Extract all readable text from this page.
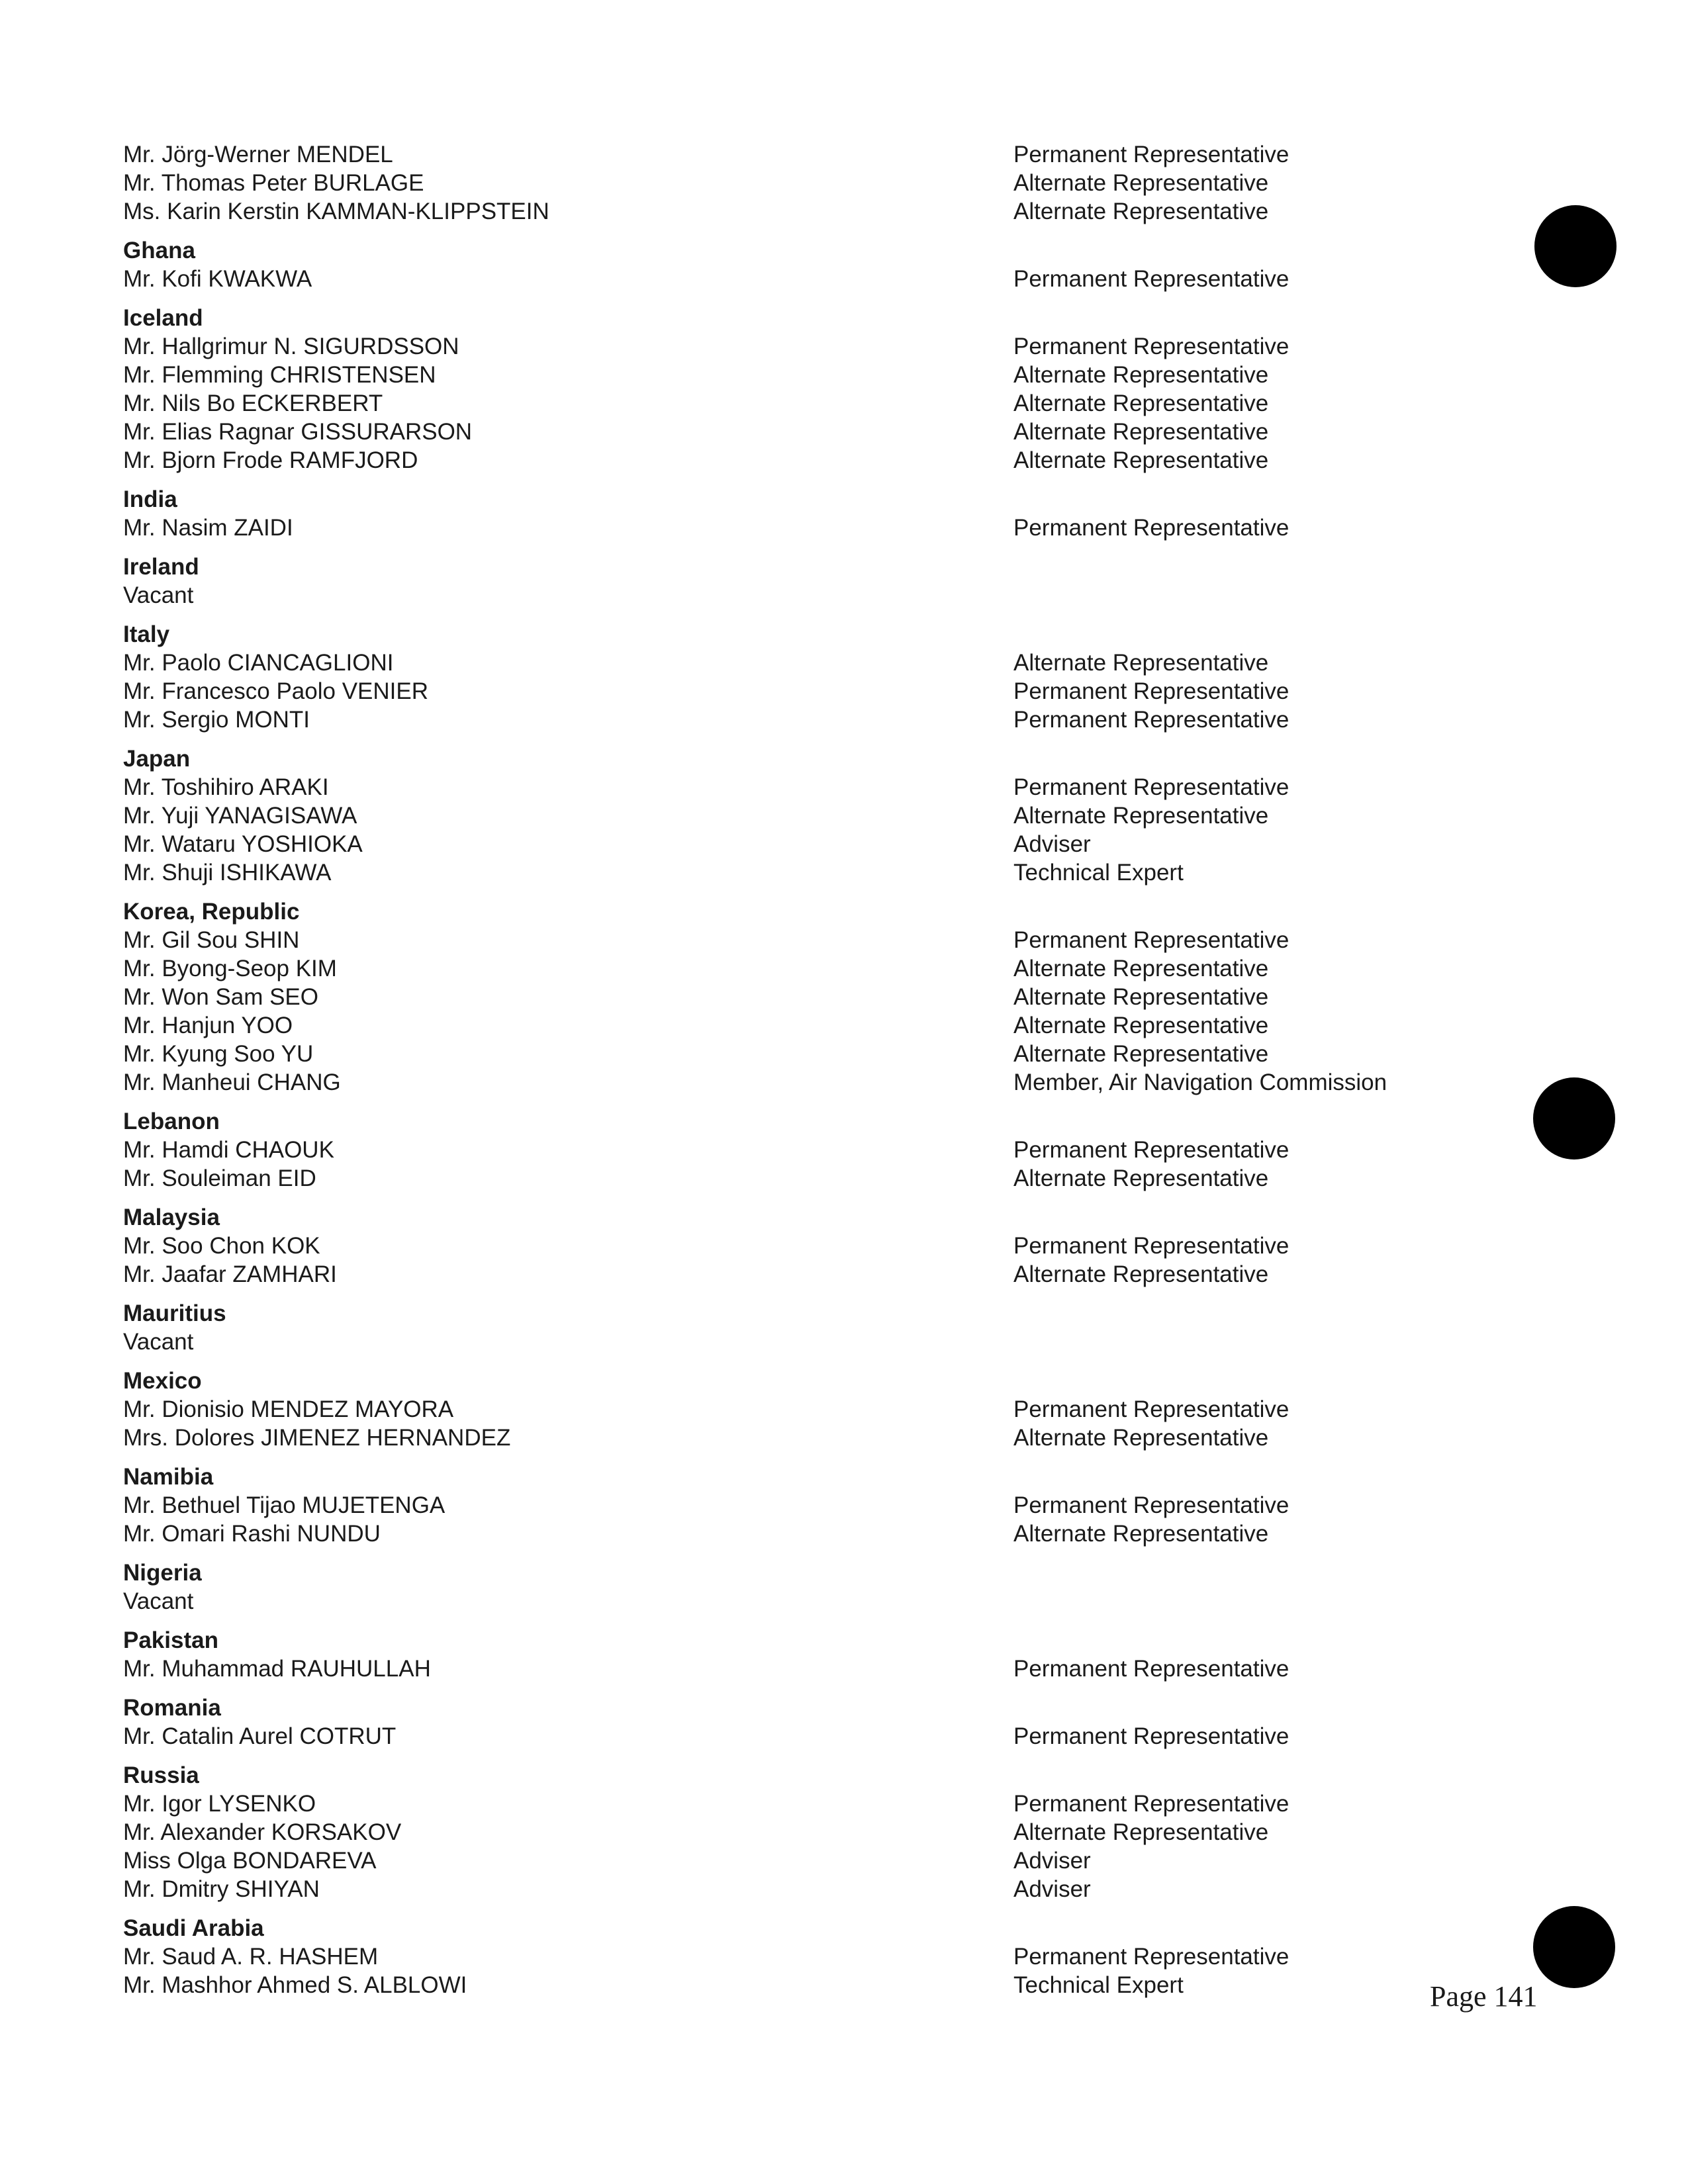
Mr. Jörg-Werner MENDEL	Permanent Representative
Mr. Thomas Peter BURLAGE	Alternate Representative
Ms. Karin Kerstin KAMMAN-KLIPPSTEIN	Alternate Representative
Ghana
Mr. Kofi KWAKWA	Permanent Representative
Iceland
Mr. Hallgrimur N. SIGURDSSON	Permanent Representative
Mr. Flemming CHRISTENSEN	Alternate Representative
Mr. Nils Bo ECKERBERT	Alternate Representative
Mr. Elias Ragnar GISSURARSON	Alternate Representative
Mr. Bjorn Frode RAMFJORD	Alternate Representative
India
Mr. Nasim ZAIDI	Permanent Representative
Ireland
Vacant
Italy
Mr. Paolo CIANCAGLIONI	Alternate Representative
Mr. Francesco Paolo VENIER	Permanent Representative
Mr. Sergio MONTI	Permanent Representative
Japan
Mr. Toshihiro ARAKI	Permanent Representative
Mr. Yuji YANAGISAWA	Alternate Representative
Mr. Wataru YOSHIOKA	Adviser
Mr. Shuji ISHIKAWA	Technical Expert
Korea, Republic
Mr. Gil Sou SHIN	Permanent Representative
Mr. Byong-Seop KIM	Alternate Representative
Mr. Won Sam SEO	Alternate Representative
Mr. Hanjun YOO	Alternate Representative
Mr. Kyung Soo YU	Alternate Representative
Mr. Manheui CHANG	Member, Air Navigation Commission
Lebanon
Mr. Hamdi CHAOUK	Permanent Representative
Mr. Souleiman EID	Alternate Representative
Malaysia
Mr. Soo Chon KOK	Permanent Representative
Mr. Jaafar ZAMHARI	Alternate Representative
Mauritius
Vacant
Mexico
Mr. Dionisio MENDEZ MAYORA	Permanent Representative
Mrs. Dolores JIMENEZ HERNANDEZ	Alternate Representative
Namibia
Mr. Bethuel Tijao MUJETENGA	Permanent Representative
Mr. Omari Rashi NUNDU	Alternate Representative
Nigeria
Vacant
Pakistan
Mr. Muhammad RAUHULLAH	Permanent Representative
Romania
Mr. Catalin Aurel COTRUT	Permanent Representative
Russia
Mr. Igor LYSENKO	Permanent Representative
Mr. Alexander KORSAKOV	Alternate Representative
Miss Olga BONDAREVA	Adviser
Mr. Dmitry SHIYAN	Adviser
Saudi Arabia
Mr. Saud A. R. HASHEM	Permanent Representative
Mr. Mashhor Ahmed S. ALBLOWI	Technical Expert	Page 141
